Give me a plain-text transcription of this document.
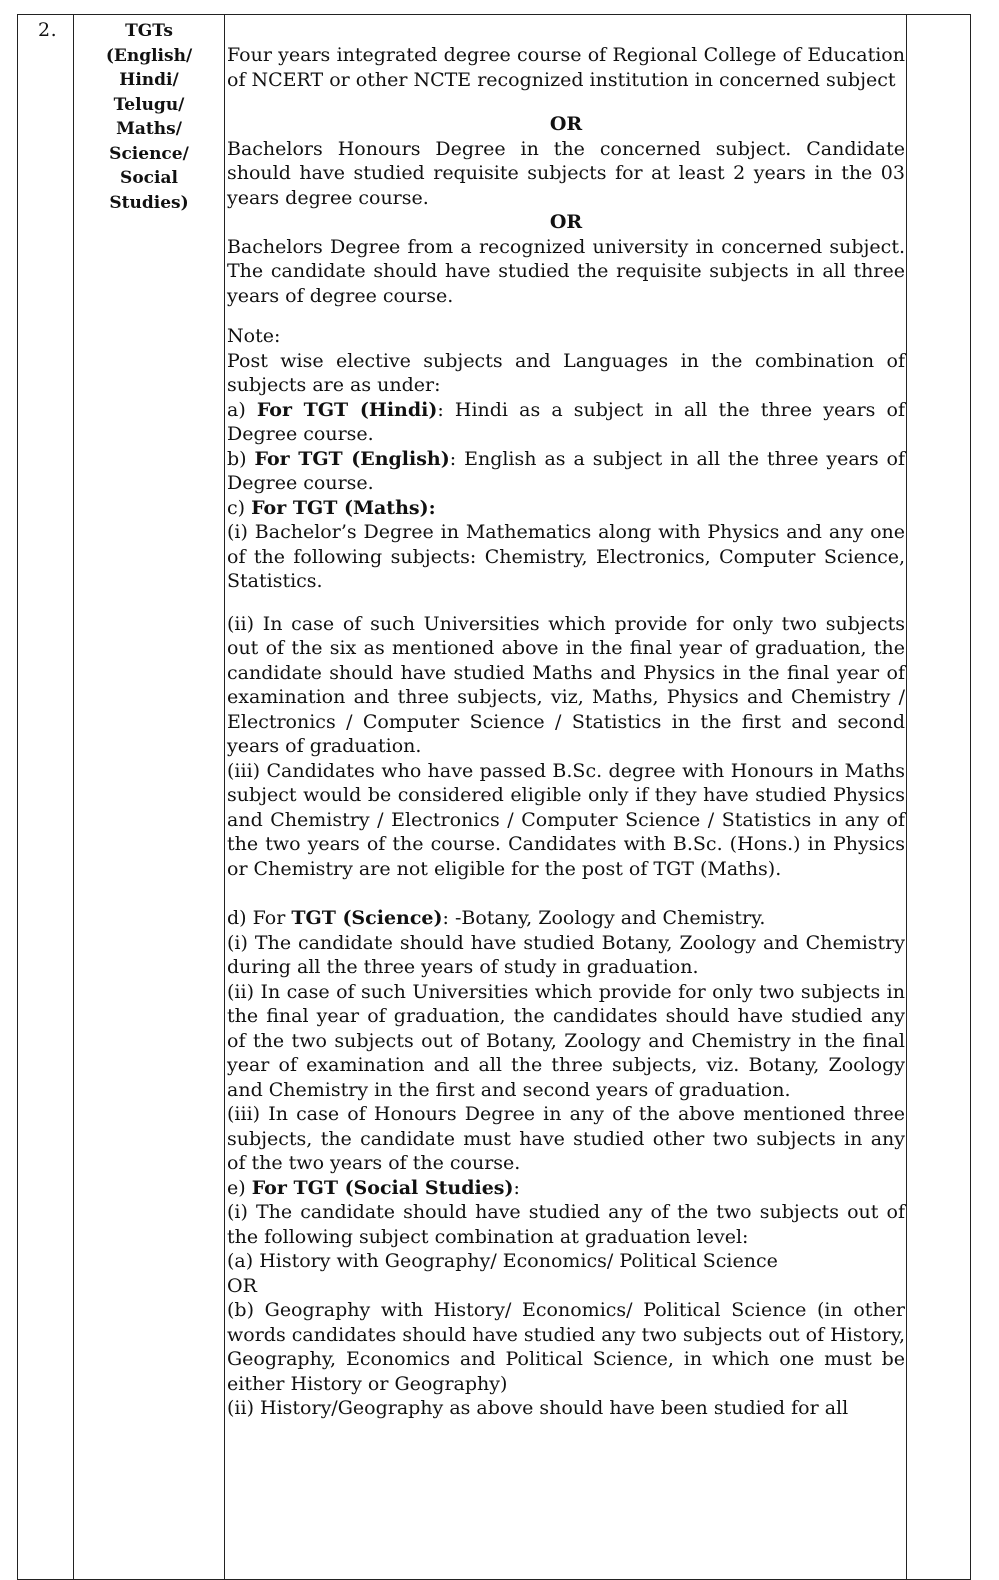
2.	TGTs
(English/
Hindi/
Telugu/
Maths/
Science/
Social
Studies)

Four years integrated degree course of Regional College of Education of NCERT or other NCTE recognized institution in concerned subject

OR

Bachelors Honours Degree in the concerned subject. Candidate should have studied requisite subjects for at least 2 years in the 03 years degree course.

OR

Bachelors Degree from a recognized university in concerned subject. The candidate should have studied the requisite subjects in all three years of degree course.

Note:

Post wise elective subjects and Languages in the combination of subjects are as under:

a) For TGT (Hindi): Hindi as a subject in all the three years of Degree course.

b) For TGT (English): English as a subject in all the three years of Degree course.

c) For TGT (Maths):

(i) Bachelor’s Degree in Mathematics along with Physics and any one of the following subjects: Chemistry, Electronics, Computer Science, Statistics.

(ii) In case of such Universities which provide for only two subjects out of the six as mentioned above in the final year of graduation, the candidate should have studied Maths and Physics in the final year of examination and three subjects, viz, Maths, Physics and Chemistry / Electronics / Computer Science / Statistics in the first and second years of graduation.

(iii) Candidates who have passed B.Sc. degree with Honours in Maths subject would be considered eligible only if they have studied Physics and Chemistry / Electronics / Computer Science / Statistics in any of the two years of the course. Candidates with B.Sc. (Hons.) in Physics or Chemistry are not eligible for the post of TGT (Maths).

d) For TGT (Science): -Botany, Zoology and Chemistry.

(i) The candidate should have studied Botany, Zoology and Chemistry during all the three years of study in graduation.

(ii) In case of such Universities which provide for only two subjects in the final year of graduation, the candidates should have studied any of the two subjects out of Botany, Zoology and Chemistry in the final year of examination and all the three subjects, viz. Botany, Zoology and Chemistry in the first and second years of graduation.

(iii) In case of Honours Degree in any of the above mentioned three subjects, the candidate must have studied other two subjects in any of the two years of the course.

e) For TGT (Social Studies):

(i) The candidate should have studied any of the two subjects out of the following subject combination at graduation level:

(a) History with Geography/ Economics/ Political Science

OR

(b) Geography with History/ Economics/ Political Science (in other words candidates should have studied any two subjects out of History, Geography, Economics and Political Science, in which one must be either History or Geography)

(ii) History/Geography as above should have been studied for all
